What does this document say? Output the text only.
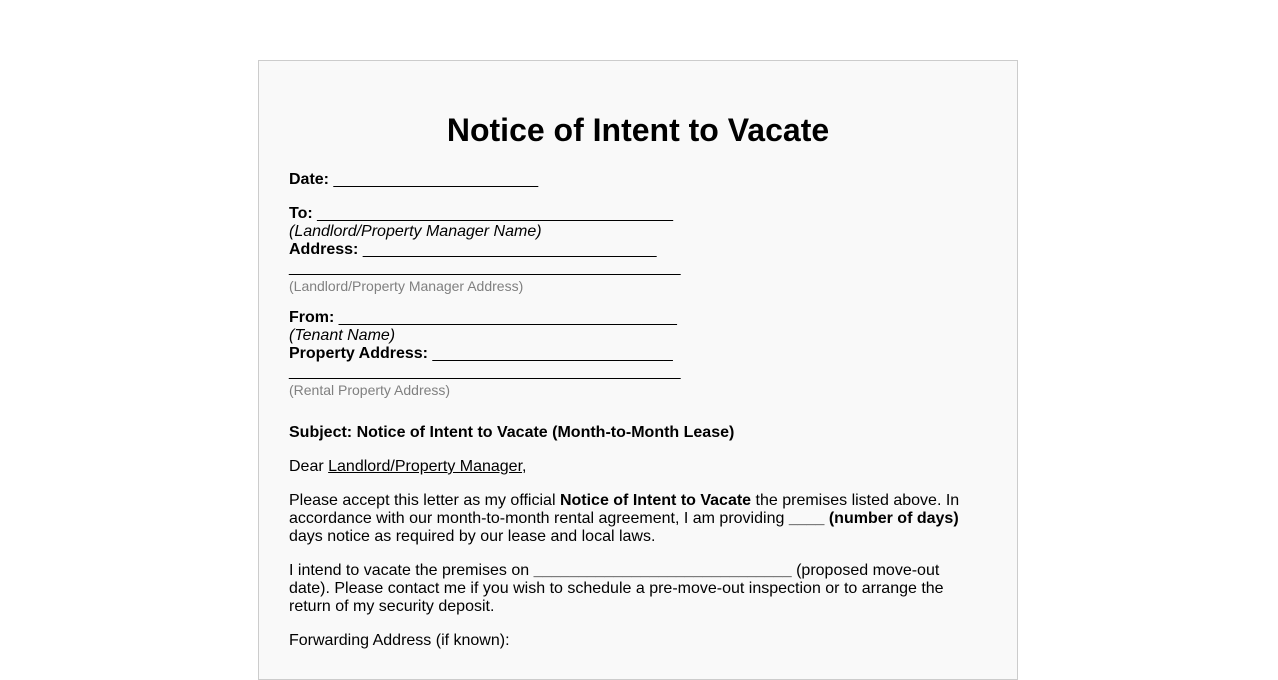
Notice of Intent to Vacate

Date: _______________________

To: ________________________________________

(Landlord/Property Manager Name)

Address: _________________________________

____________________________________________

(Landlord/Property Manager Address)

From: ______________________________________

(Tenant Name)

Property Address: ___________________________

____________________________________________

(Rental Property Address)

Subject: Notice of Intent to Vacate (Month-to-Month Lease)

Dear Landlord/Property Manager,

Please accept this letter as my official Notice of Intent to Vacate the premises listed above. In accordance with our month-to-month rental agreement, I am providing ____ (number of days) days notice as required by our lease and local laws.

I intend to vacate the premises on _____________________________ (proposed move-out date). Please contact me if you wish to schedule a pre-move-out inspection or to arrange the return of my security deposit.

Forwarding Address (if known):
